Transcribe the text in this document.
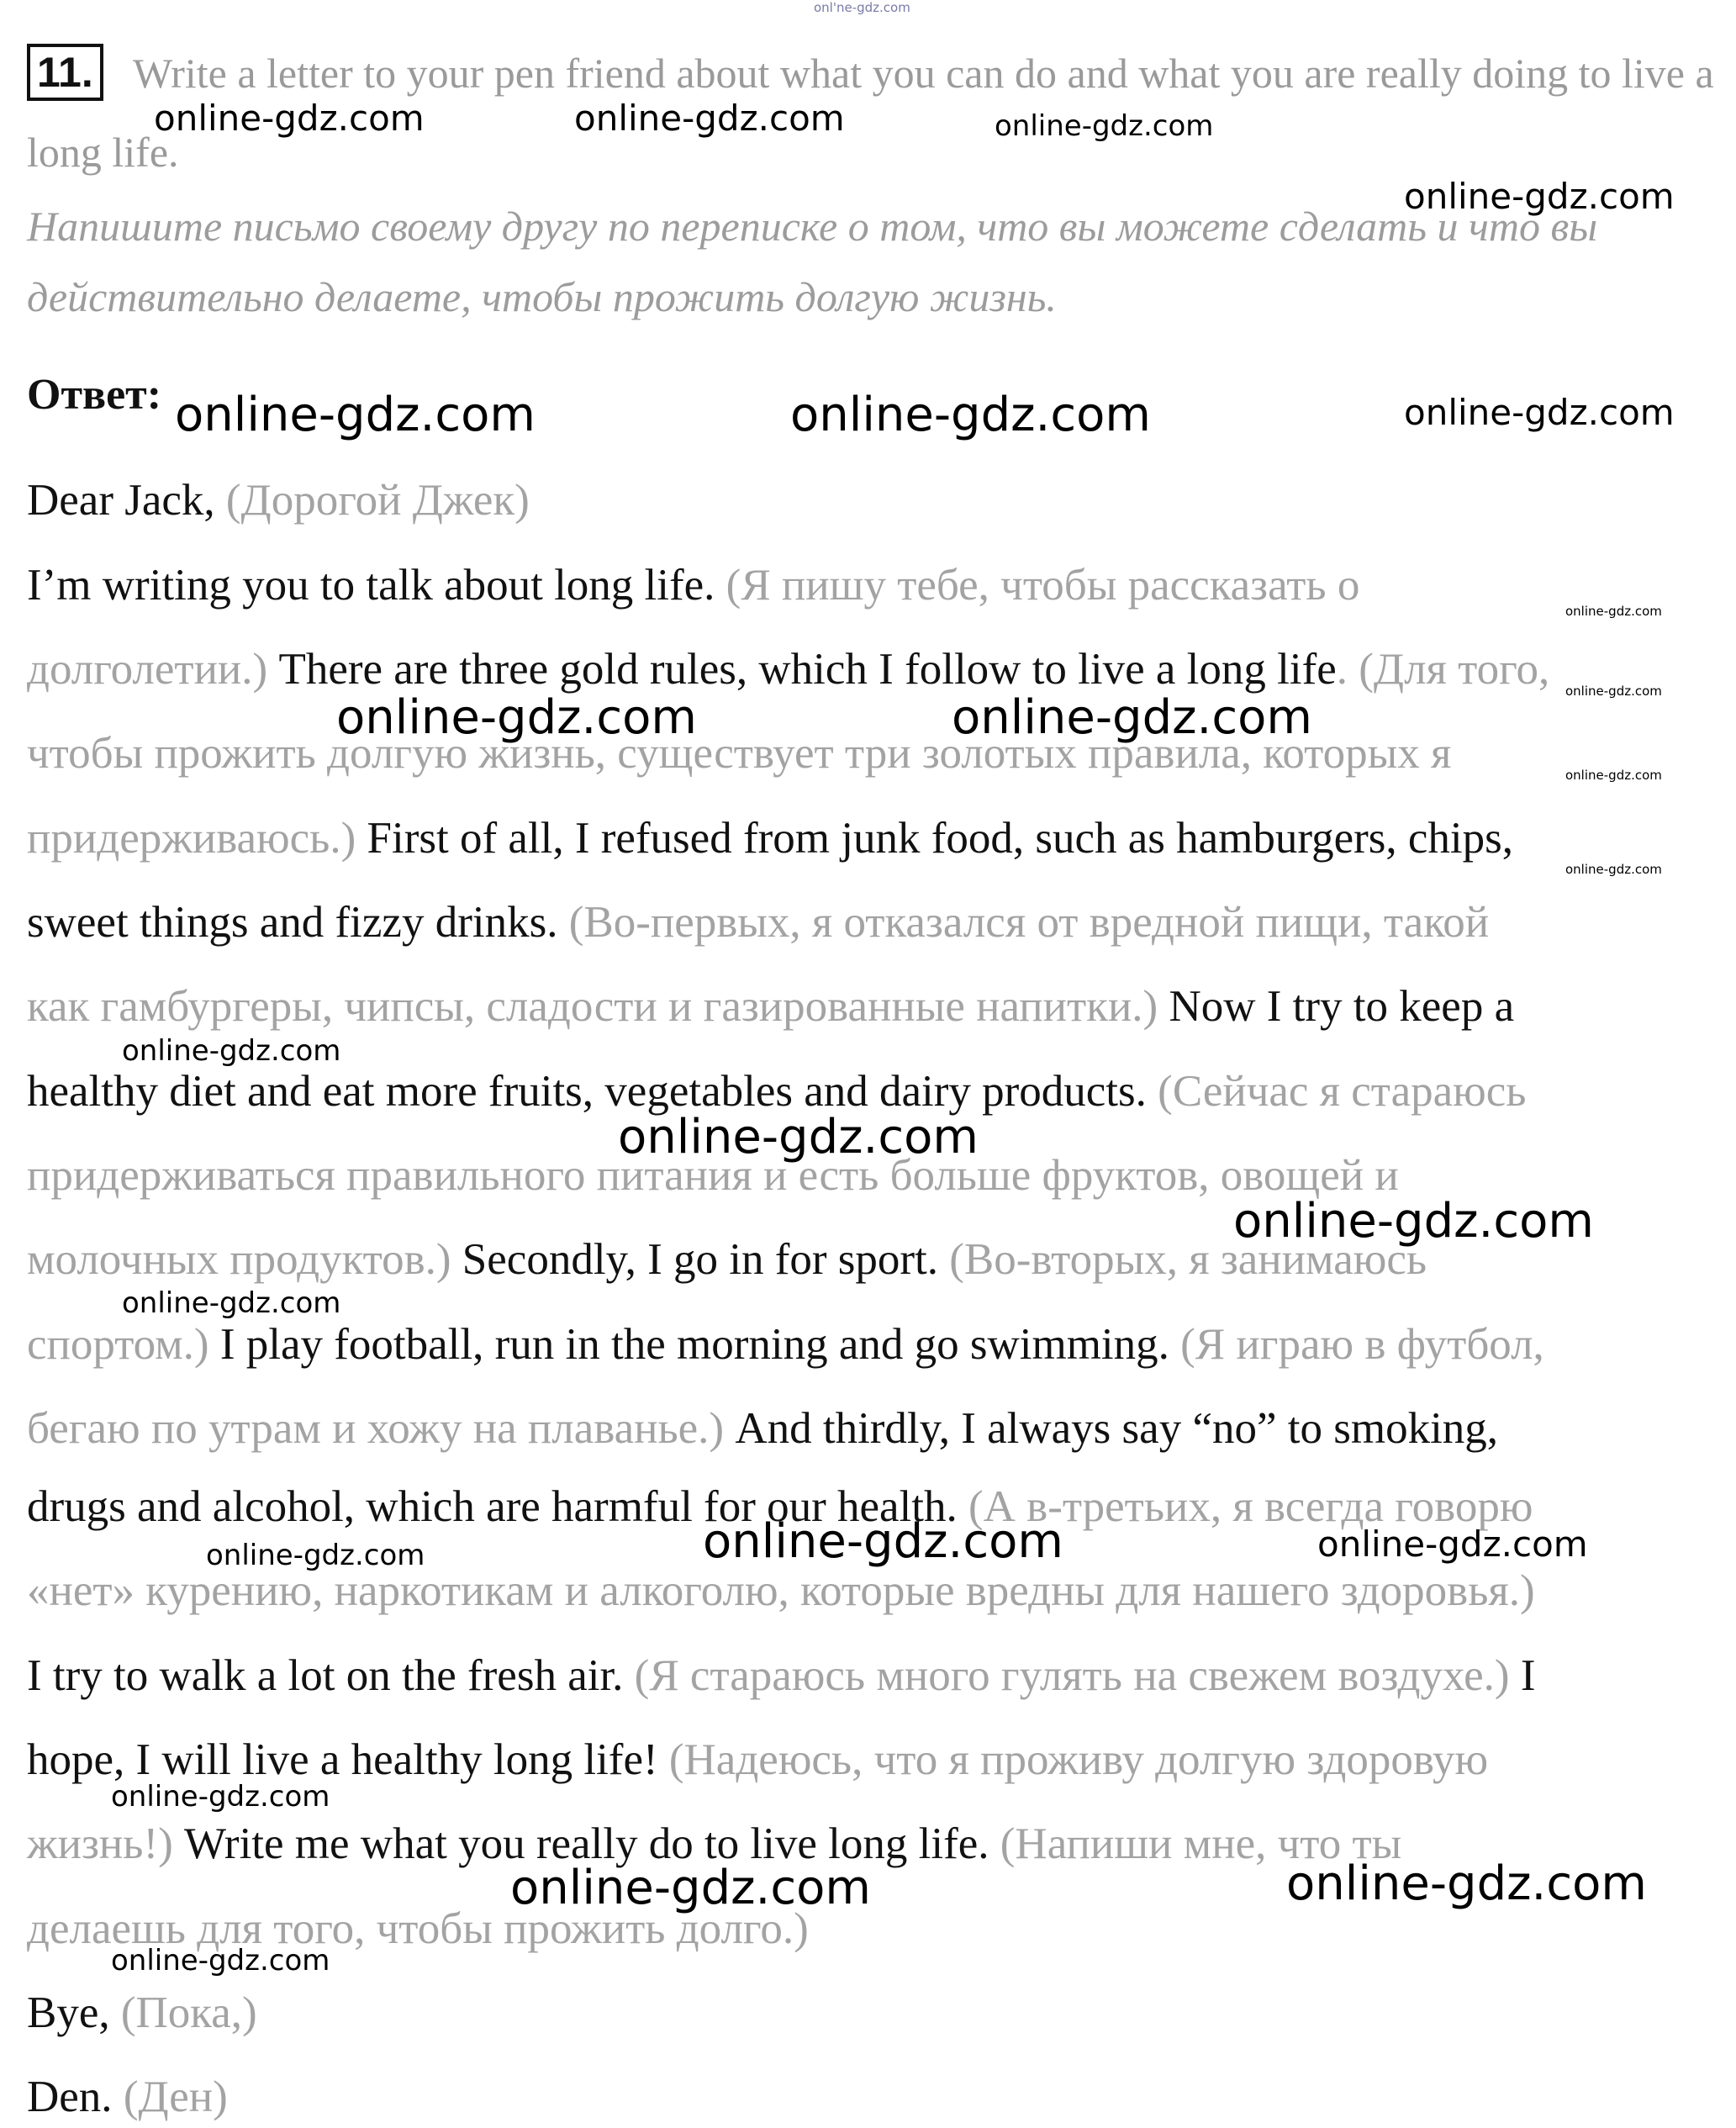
onl'ne-gdz.com
11. Write a letter to your pen friend about what you can do and what you are really doing to live a
long life.
Напишите письмо своему другу по переписке о том, что вы можете сделать и что вы
действительно делаете, чтобы прожить долгую жизнь.
Ответ:
Dear Jack, (Дорогой Джек)
I’m writing you to talk about long life. (Я пишу тебе, чтобы рассказать о
долголетии.) There are three gold rules, which I follow to live a long life. (Для того,
чтобы прожить долгую жизнь, существует три золотых правила, которых я
придерживаюсь.) First of all, I refused from junk food, such as hamburgers, chips,
sweet things and fizzy drinks. (Во-первых, я отказался от вредной пищи, такой
как гамбургеры, чипсы, сладости и газированные напитки.) Now I try to keep a
healthy diet and eat more fruits, vegetables and dairy products. (Сейчас я стараюсь
придерживаться правильного питания и есть больше фруктов, овощей и
молочных продуктов.) Secondly, I go in for sport. (Во-вторых, я занимаюсь
спортом.) I play football, run in the morning and go swimming. (Я играю в футбол,
бегаю по утрам и хожу на плаванье.) And thirdly, I always say “no” to smoking,
drugs and alcohol, which are harmful for our health. (А в-третьих, я всегда говорю
«нет» курению, наркотикам и алкоголю, которые вредны для нашего здоровья.)
I try to walk a lot on the fresh air. (Я стараюсь много гулять на свежем воздухе.) I
hope, I will live a healthy long life! (Надеюсь, что я проживу долгую здоровую
жизнь!) Write me what you really do to live long life. (Напиши мне, что ты
делаешь для того, чтобы прожить долго.)
Bye, (Пока,)
Den. (Ден)
online-gdz.com	online-gdz.com	online-gdz.com
online-gdz.com
online-gdz.com	online-gdz.com	online-gdz.com
online-gdz.com
online-gdz.com	online-gdz.com	online-gdz.com
online-gdz.com
online-gdz.com
online-gdz.com
online-gdz.com
online-gdz.com
online-gdz.com
online-gdz.com	online-gdz.com	online-gdz.com
online-gdz.com
online-gdz.com	online-gdz.com
online-gdz.com
